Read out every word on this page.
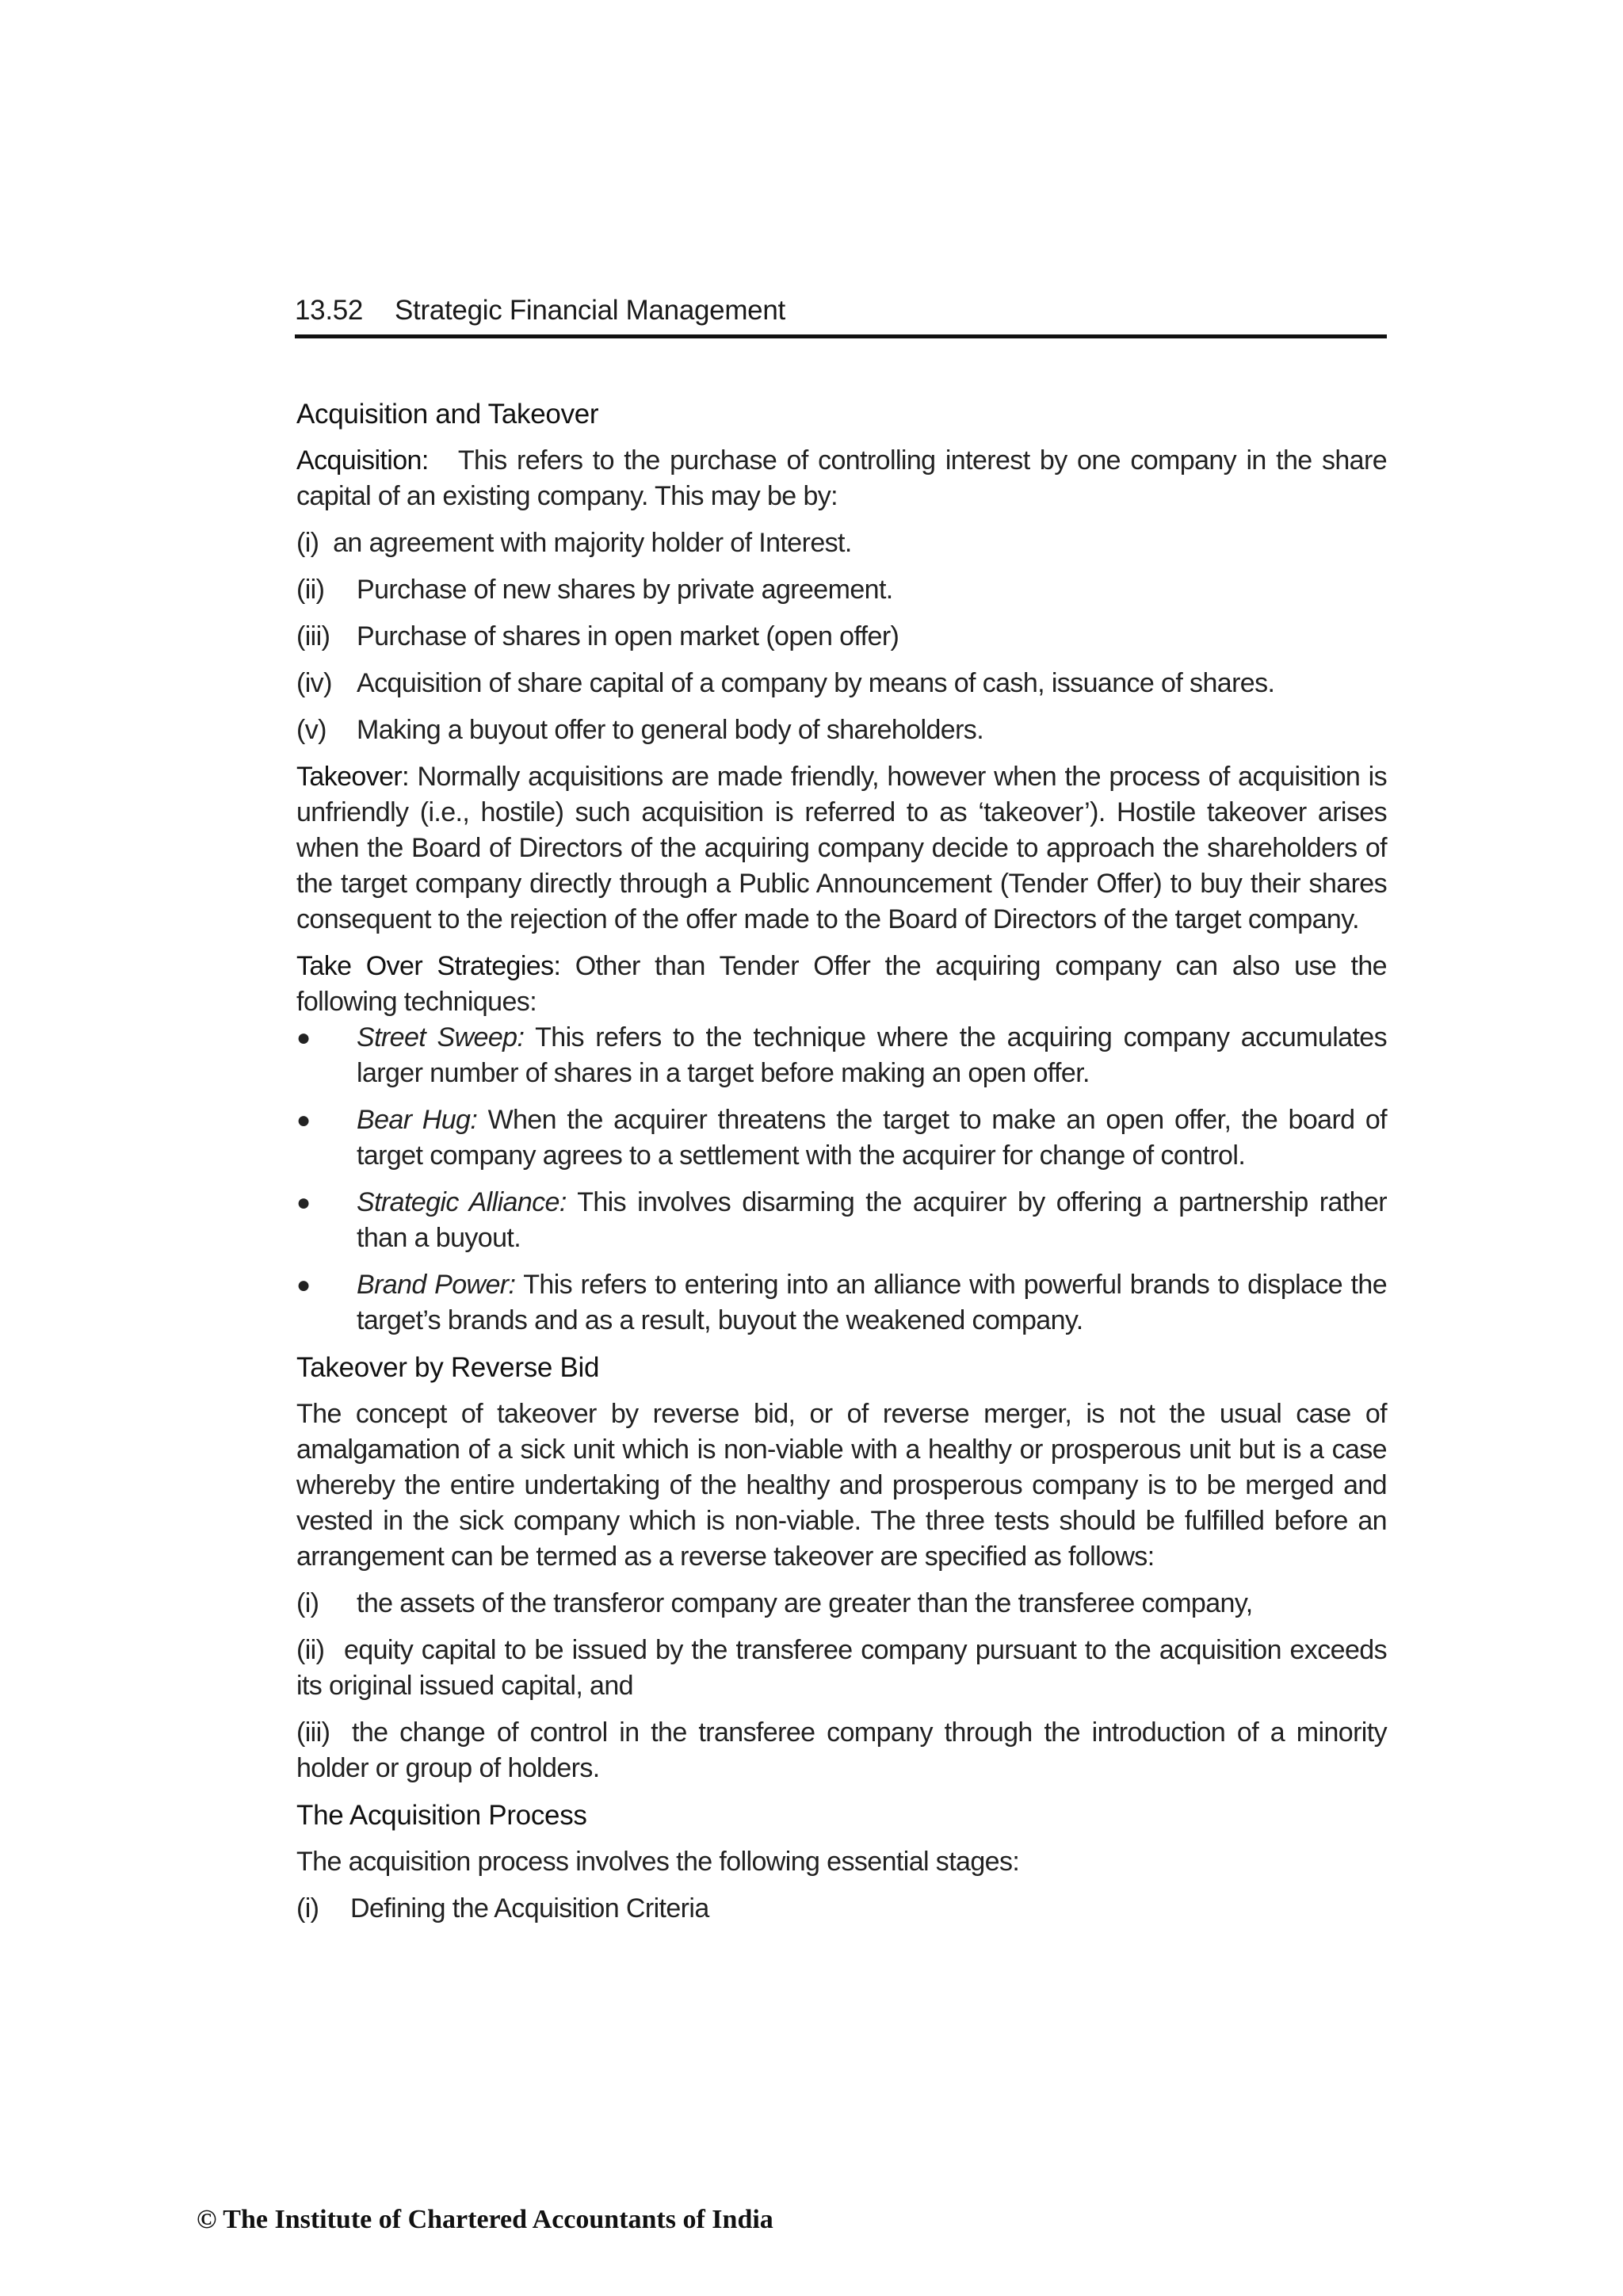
13.52 Strategic Financial Management

Acquisition and Takeover

Acquisition: This refers to the purchase of controlling interest by one company in the share capital of an existing company. This may be by:

(i) an agreement with majority holder of Interest.

(ii)	Purchase of new shares by private agreement.
(iii) Purchase of shares in open market (open offer)
(iv) Acquisition of share capital of a company by means of cash, issuance of shares.
(v)	Making a buyout offer to general body of shareholders.

Takeover: Normally acquisitions are made friendly, however when the process of acquisition is unfriendly (i.e., hostile) such acquisition is referred to as ‘takeover’). Hostile takeover arises when the Board of Directors of the acquiring company decide to approach the shareholders of the target company directly through a Public Announcement (Tender Offer) to buy their shares consequent to the rejection of the offer made to the Board of Directors of the target company.

Take Over Strategies: Other than Tender Offer the acquiring company can also use the following techniques:

●	Street Sweep: This refers to the technique where the acquiring company accumulates larger number of shares in a target before making an open offer.
●	Bear Hug: When the acquirer threatens the target to make an open offer, the board of target company agrees to a settlement with the acquirer for change of control.
●	Strategic Alliance: This involves disarming the acquirer by offering a partnership rather than a buyout.
●	Brand Power: This refers to entering into an alliance with powerful brands to displace the target’s brands and as a result, buyout the weakened company.

Takeover by Reverse Bid

The concept of takeover by reverse bid, or of reverse merger, is not the usual case of amalgamation of a sick unit which is non-viable with a healthy or prosperous unit but is a case whereby the entire undertaking of the healthy and prosperous company is to be merged and vested in the sick company which is non-viable. The three tests should be fulfilled before an arrangement can be termed as a reverse takeover are specified as follows:

(i) the assets of the transferor company are greater than the transferee company,

(ii) equity capital to be issued by the transferee company pursuant to the acquisition exceeds its original issued capital, and

(iii) the change of control in the transferee company through the introduction of a minority holder or group of holders.

The Acquisition Process

The acquisition process involves the following essential stages:

(i)	Defining the Acquisition Criteria
© The Institute of Chartered Accountants of India
